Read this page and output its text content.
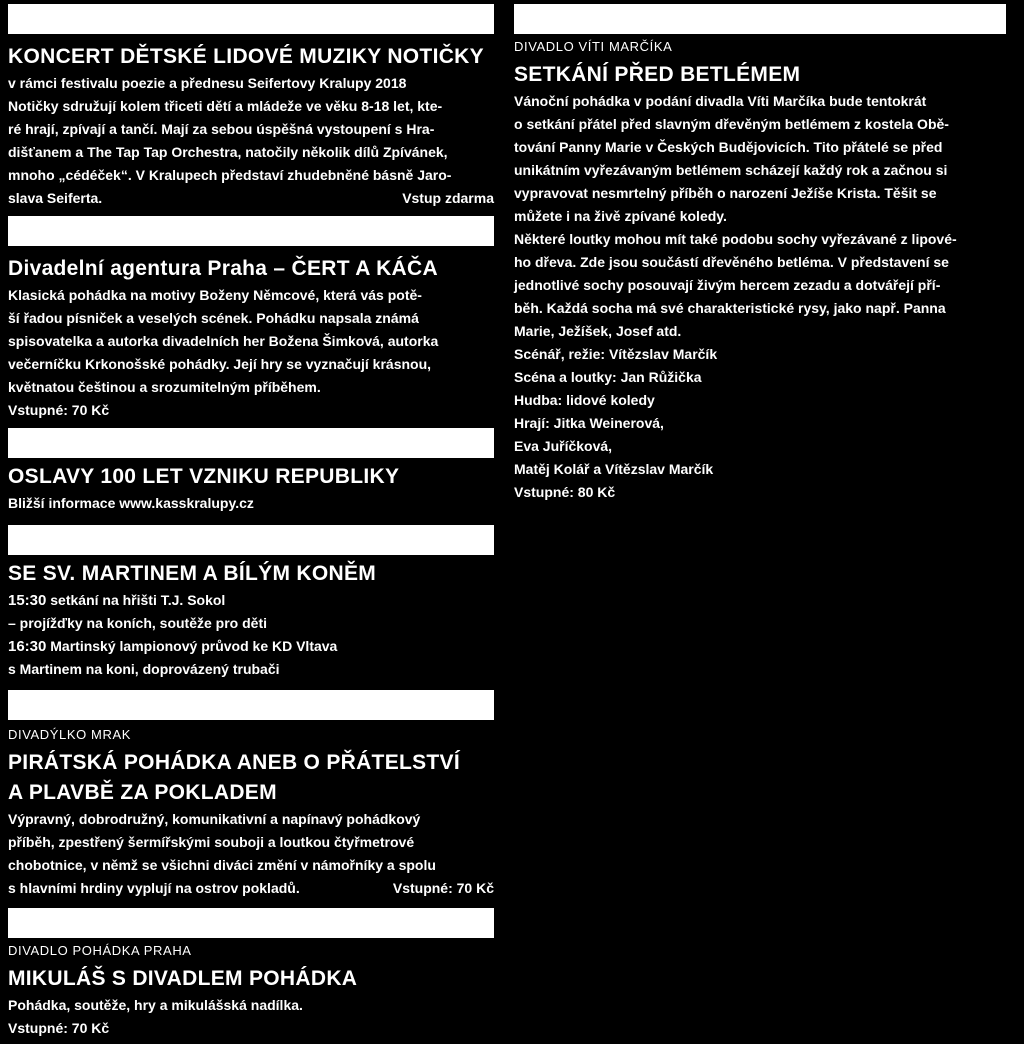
KONCERT DĚTSKÉ LIDOVÉ MUZIKY NOTIČKY

v rámci festivalu poezie a přednesu Seifertovy Kralupy 2018

Notičky sdružují kolem třiceti dětí a mládeže ve věku 8-18 let, kte-

ré hrají, zpívají a tančí. Mají za sebou úspěšná vystoupení s Hra-

dišťanem a The Tap Tap Orchestra, natočily několik dílů Zpívánek,

mnoho „cédéček“. V Kralupech představí zhudebněné básně Jaro-

slava Seiferta.	Vstup zdarma

Divadelní agentura Praha – ČERT A KÁČA

Klasická pohádka na motivy Boženy Němcové, která vás potě-

ší řadou písniček a veselých scének. Pohádku napsala známá

spisovatelka a autorka divadelních her Božena Šimková, autorka

večerníčku Krkonošské pohádky. Její hry se vyznačují krásnou,

květnatou češtinou a srozumitelným příběhem.

Vstupné: 70 Kč

OSLAVY 100 LET VZNIKU REPUBLIKY

Bližší informace www.kasskralupy.cz

SE SV. MARTINEM A BÍLÝM KONĚM

15:30 setkání na hřišti T.J. Sokol

– projížďky na koních, soutěže pro děti

16:30 Martinský lampionový průvod ke KD Vltava

s Martinem na koni, doprovázený trubači

DIVADÝLKO MRAK
PIRÁTSKÁ POHÁDKA ANEB O PŘÁTELSTVÍ
A PLAVBĚ ZA POKLADEM

Výpravný, dobrodružný, komunikativní a napínavý pohádkový

příběh, zpestřený šermířskými souboji a loutkou čtyřmetrové

chobotnice, v němž se všichni diváci změní v námořníky a spolu

s hlavními hrdiny vyplují na ostrov pokladů.	Vstupné: 70 Kč

DIVADLO POHÁDKA PRAHA
MIKULÁŠ S DIVADLEM POHÁDKA

Pohádka, soutěže, hry a mikulášská nadílka.

Vstupné: 70 Kč

DIVADLO VÍTI MARČÍKA
SETKÁNÍ PŘED BETLÉMEM

Vánoční pohádka v podání divadla Víti Marčíka bude tentokrát

o setkání přátel před slavným dřevěným betlémem z kostela Obě-

tování Panny Marie v Českých Budějovicích. Tito přátelé se před

unikátním vyřezávaným betlémem scházejí každý rok a začnou si

vypravovat nesmrtelný příběh o narození Ježíše Krista. Těšit se

můžete i na živě zpívané koledy.

Některé loutky mohou mít také podobu sochy vyřezávané z lipové-

ho dřeva. Zde jsou součástí dřevěného betléma. V představení se

jednotlivé sochy posouvají živým hercem zezadu a dotvářejí pří-

běh. Každá socha má své charakteristické rysy, jako např. Panna

Marie, Ježíšek, Josef atd.

Scénář, režie: Vítězslav Marčík

Scéna a loutky: Jan Růžička

Hudba: lidové koledy

Hrají: Jitka Weinerová,

Eva Juříčková,

Matěj Kolář a Vítězslav Marčík

Vstupné: 80 Kč
